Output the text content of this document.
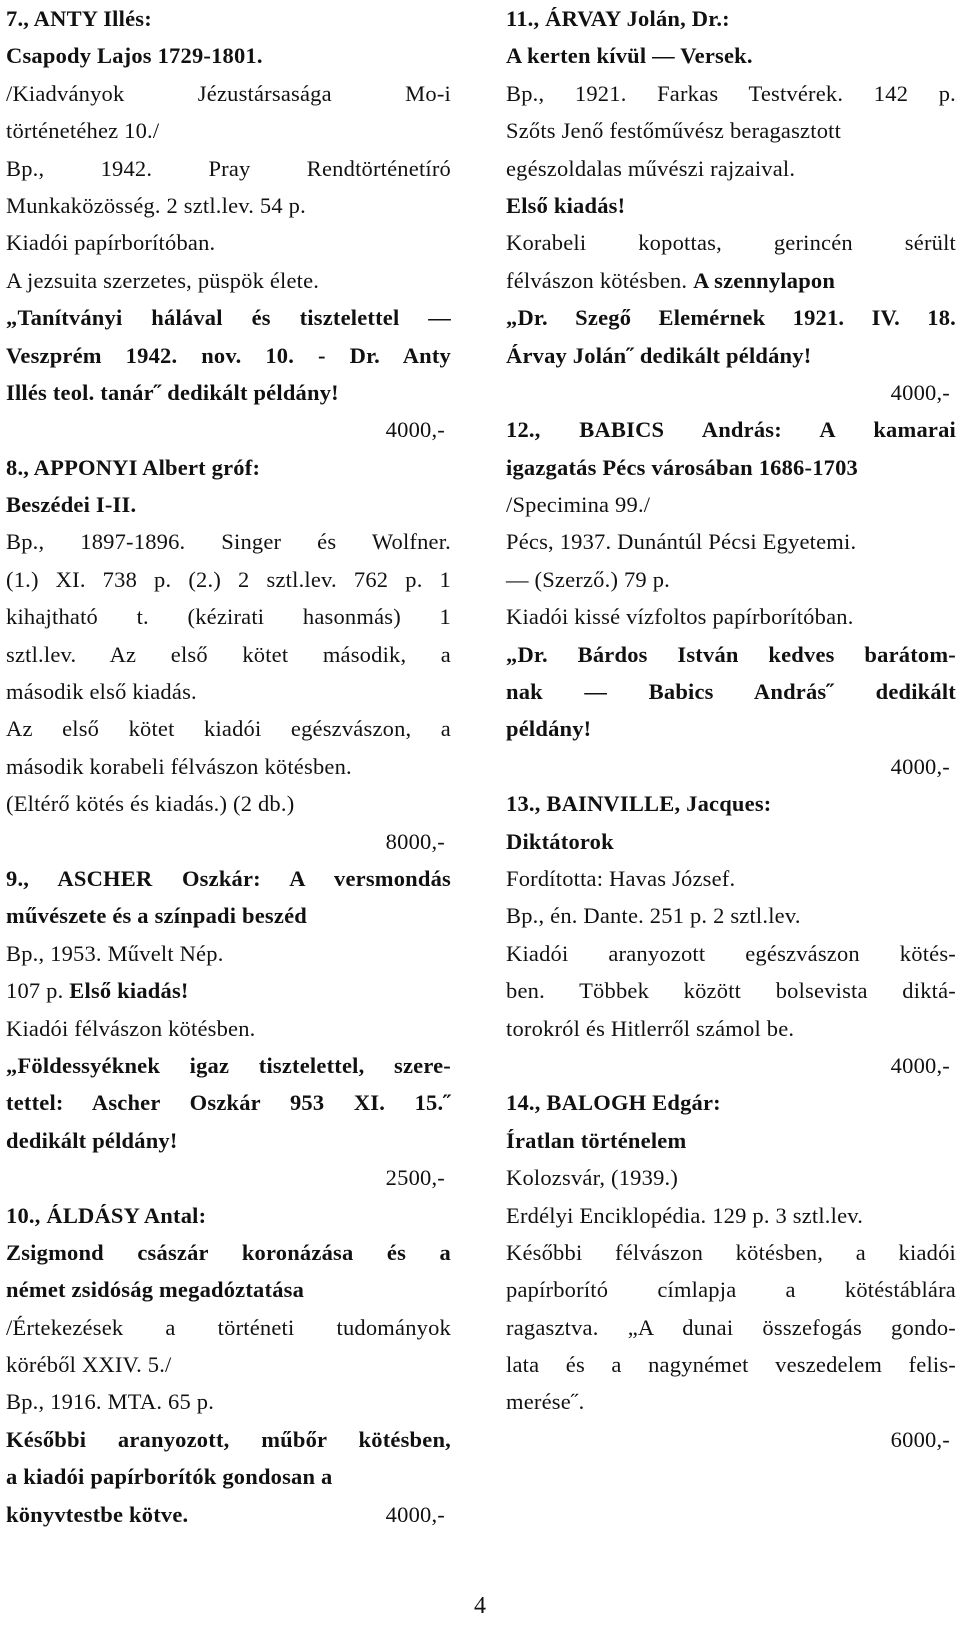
7., ANTY Illés:
Csapody Lajos 1729-1801.
/Kiadványok Jézustársasága Mo-i
történetéhez 10./
Bp., 1942. Pray Rendtörténetíró
Munkaközösség. 2 sztl.lev. 54 p.
Kiadói papírborítóban.
A jezsuita szerzetes, püspök élete.
„Tanítványi hálával és tisztelettel —
Veszprém 1942. nov. 10. - Dr. Anty
Illés teol. tanár˝ dedikált példány!
4000,-
8., APPONYI Albert gróf:
Beszédei I-II.
Bp., 1897-1896. Singer és Wolfner.
(1.) XI. 738 p. (2.) 2 sztl.lev. 762 p. 1
kihajtható t. (kézirati hasonmás) 1
sztl.lev. Az első kötet második, a
második első kiadás.
Az első kötet kiadói egészvászon, a
második korabeli félvászon kötésben.
(Eltérő kötés és kiadás.) (2 db.)
8000,-
9., ASCHER Oszkár: A versmondás
művészete és a színpadi beszéd
Bp., 1953. Művelt Nép.
107 p. Első kiadás!
Kiadói félvászon kötésben.
„Földessyéknek igaz tisztelettel, szere-
tettel: Ascher Oszkár 953 XI. 15.˝
dedikált példány!
2500,-
10., ÁLDÁSY Antal:
Zsigmond császár koronázása és a
német zsidóság megadóztatása
/Értekezések a történeti tudományok
köréből XXIV. 5./
Bp., 1916. MTA. 65 p.
Későbbi aranyozott, műbőr kötésben,
a kiadói papírborítók gondosan a
könyvtestbe kötve.	4000,-
11., ÁRVAY Jolán, Dr.:
A kerten kívül — Versek.
Bp., 1921. Farkas Testvérek. 142 p.
Szőts Jenő festőművész beragasztott
egészoldalas művészi rajzaival.
Első kiadás!
Korabeli kopottas, gerincén sérült
félvászon kötésben. A szennylapon
„Dr. Szegő Elemérnek 1921. IV. 18.
Árvay Jolán˝ dedikált példány!
4000,-
12., BABICS András: A kamarai
igazgatás Pécs városában 1686-1703
/Specimina 99./
Pécs, 1937. Dunántúl Pécsi Egyetemi.
— (Szerző.) 79 p.
Kiadói kissé vízfoltos papírborítóban.
„Dr. Bárdos István kedves barátom-
nak — Babics András˝ dedikált
példány!
4000,-
13., BAINVILLE, Jacques:
Diktátorok
Fordította: Havas József.
Bp., én. Dante. 251 p. 2 sztl.lev.
Kiadói aranyozott egészvászon kötés-
ben. Többek között bolsevista diktá-
torokról és Hitlerről számol be.
4000,-
14., BALOGH Edgár:
Íratlan történelem
Kolozsvár, (1939.)
Erdélyi Enciklopédia. 129 p. 3 sztl.lev.
Későbbi félvászon kötésben, a kiadói
papírborító címlapja a kötéstáblára
ragasztva. „A dunai összefogás gondo-
lata és a nagynémet veszedelem felis-
merése˝.
6000,-
4
